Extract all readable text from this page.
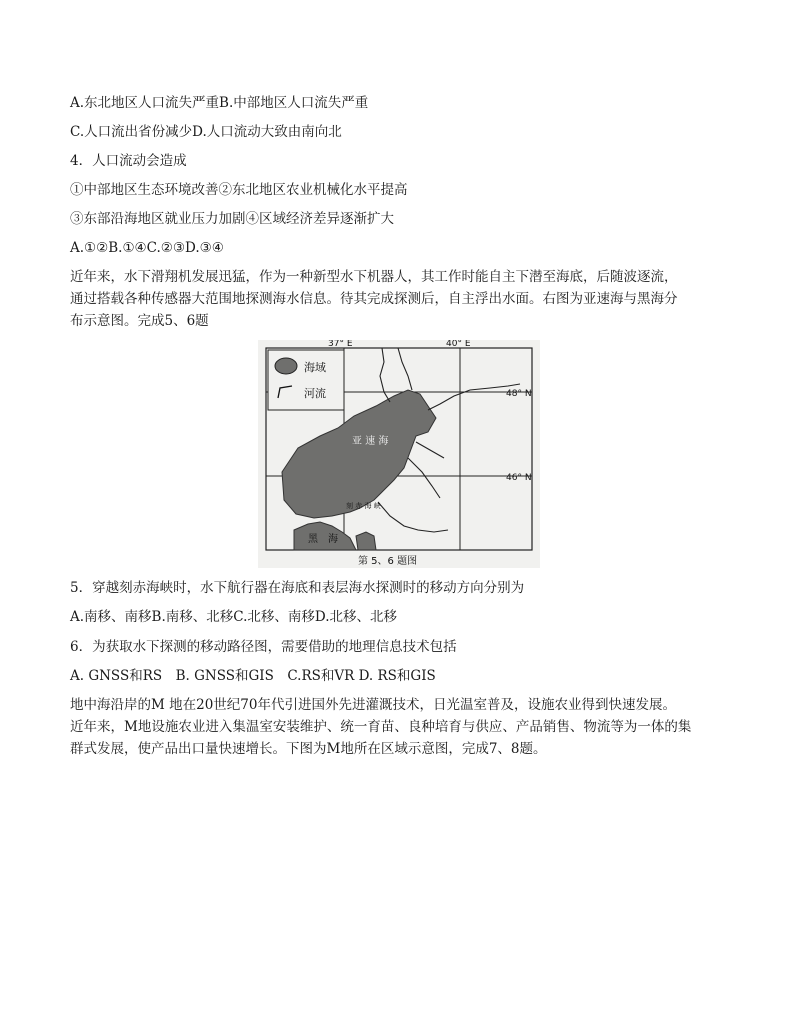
A.东北地区人口流失严重B.中部地区人口流失严重
C.人口流出省份减少D.人口流动大致由南向北
4．人口流动会造成
①中部地区生态环境改善②东北地区农业机械化水平提高
③东部沿海地区就业压力加剧④区域经济差异逐渐扩大
A.①②B.①④C.②③D.③④
近年来，水下滑翔机发展迅猛，作为一种新型水下机器人，其工作时能自主下潜至海底，后随波逐流，
通过搭载各种传感器大范围地探测海水信息。待其完成探测后，自主浮出水面。右图为亚速海与黑海分
布示意图。完成5、6题
海域
河流
37° E	40° E
48° N
46° N
亚 速 海
黑　海
刻 赤 海 峡
第 5、6 题图
5．穿越刻赤海峡时，水下航行器在海底和表层海水探测时的移动方向分别为
A.南移、南移B.南移、北移C.北移、南移D.北移、北移
6．为获取水下探测的移动路径图，需要借助的地理信息技术包括
A. GNSS和RS　B. GNSS和GIS　C.RS和VR D. RS和GIS
地中海沿岸的M 地在20世纪70年代引进国外先进灌溉技术，日光温室普及，设施农业得到快速发展。
近年来，M地设施农业进入集温室安装维护、统一育苗、良种培育与供应、产品销售、物流等为一体的集
群式发展，使产品出口量快速增长。下图为M地所在区域示意图，完成7、8题。
